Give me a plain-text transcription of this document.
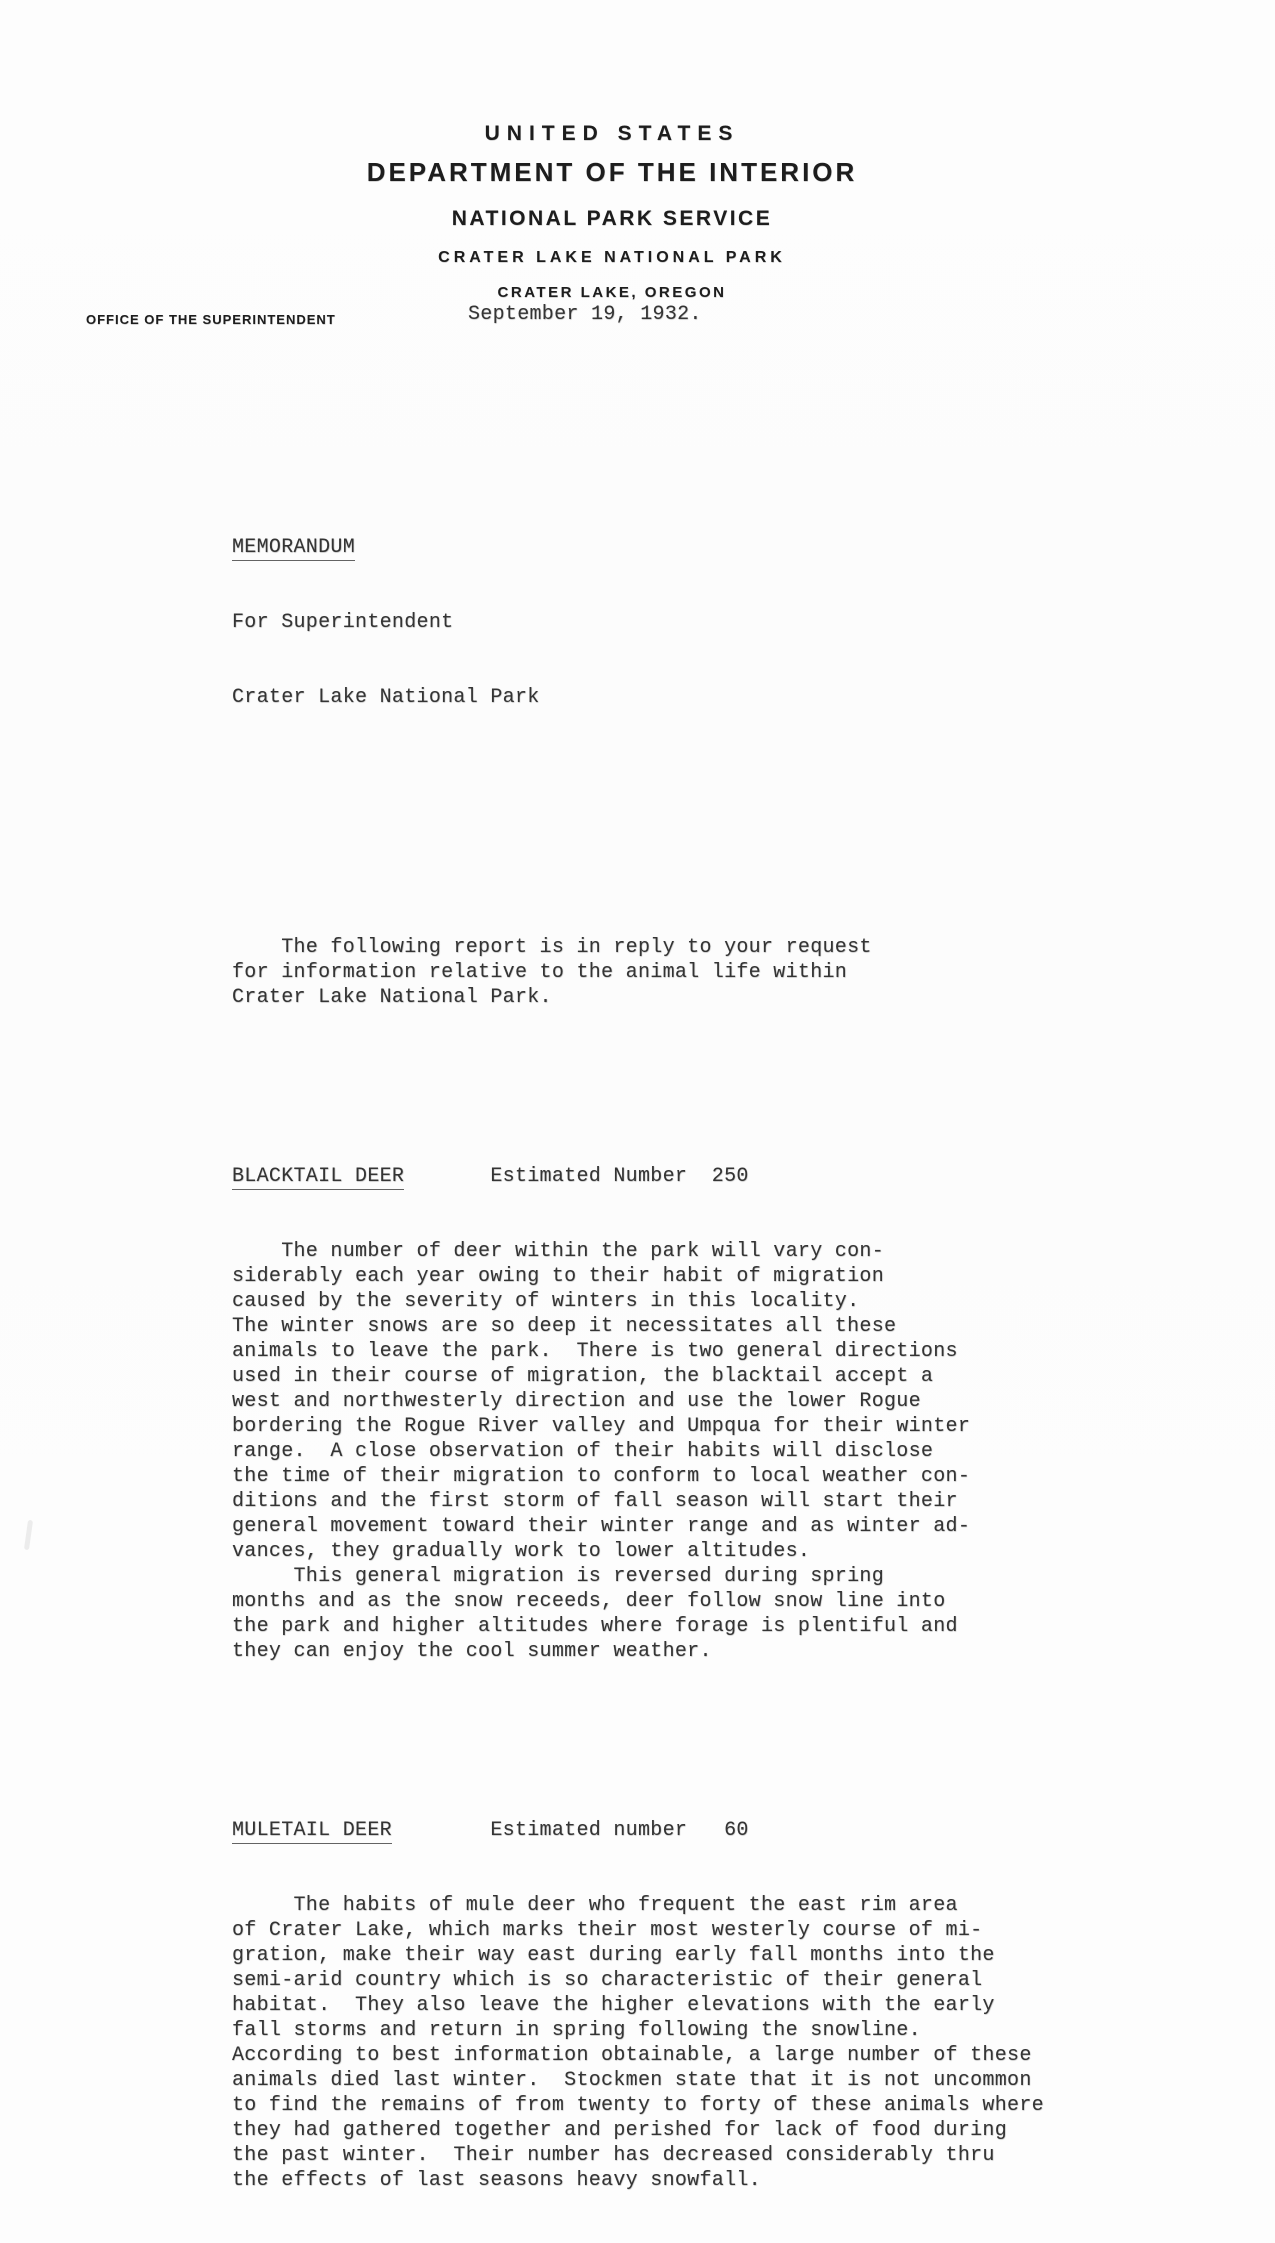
UNITED STATES
DEPARTMENT OF THE INTERIOR
NATIONAL PARK SERVICE
CRATER LAKE NATIONAL PARK
CRATER LAKE, OREGON
OFFICE OF THE SUPERINTENDENT	September 19, 1932.

MEMORANDUM

For Superintendent

Crater Lake National Park

The following report is in reply to your request
for information relative to the animal life within
Crater Lake National Park.

BLACKTAIL DEER       Estimated Number  250

The number of deer within the park will vary con-
siderably each year owing to their habit of migration
caused by the severity of winters in this locality.
The winter snows are so deep it necessitates all these
animals to leave the park.  There is two general directions
used in their course of migration, the blacktail accept a
west and northwesterly direction and use the lower Rogue
bordering the Rogue River valley and Umpqua for their winter
range.  A close observation of their habits will disclose
the time of their migration to conform to local weather con-
ditions and the first storm of fall season will start their
general movement toward their winter range and as winter ad-
vances, they gradually work to lower altitudes.
This general migration is reversed during spring
months and as the snow receeds, deer follow snow line into
the park and higher altitudes where forage is plentiful and
they can enjoy the cool summer weather.

MULETAIL DEER        Estimated number   60

The habits of mule deer who frequent the east rim area
of Crater Lake, which marks their most westerly course of mi-
gration, make their way east during early fall months into the
semi-arid country which is so characteristic of their general
habitat.  They also leave the higher elevations with the early
fall storms and return in spring following the snowline.
According to best information obtainable, a large number of these
animals died last winter.  Stockmen state that it is not uncommon
to find the remains of from twenty to forty of these animals where
they had gathered together and perished for lack of food during
the past winter.  Their number has decreased considerably thru
the effects of last seasons heavy snowfall.
